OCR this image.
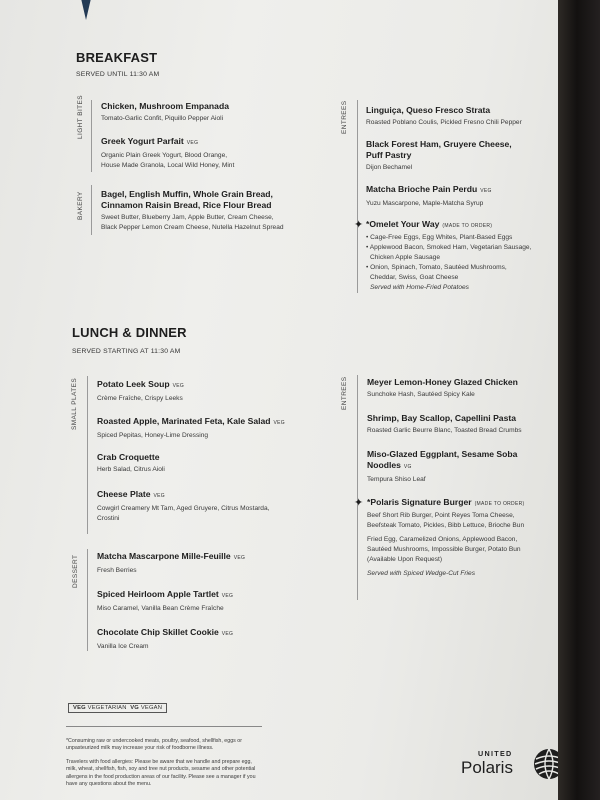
BREAKFAST
SERVED UNTIL 11:30 AM
LIGHT BITES Chicken, Mushroom Empanada
Tomato-Garlic Confit, Piquillo Pepper Aioli
Greek Yogurt Parfait VEG
Organic Plain Greek Yogurt, Blood Orange,
House Made Granola, Local Wild Honey, Mint
BAKERY Bagel, English Muffin, Whole Grain Bread,
Cinnamon Raisin Bread, Rice Flour Bread
Sweet Butter, Blueberry Jam, Apple Butter, Cream Cheese,
Black Pepper Lemon Cream Cheese, Nutella Hazelnut Spread
ENTREES Linguiça, Queso Fresco Strata
Roasted Poblano Coulis, Pickled Fresno Chili Pepper
Black Forest Ham, Gruyere Cheese,
Puff Pastry
Dijon Bechamel
Matcha Brioche Pain Perdu VEG
Yuzu Mascarpone, Maple-Matcha Syrup
✦ *Omelet Your Way (MADE TO ORDER)
• Cage-Free Eggs, Egg Whites, Plant-Based Eggs
• Applewood Bacon, Smoked Ham, Vegetarian Sausage,
Chicken Apple Sausage
• Onion, Spinach, Tomato, Sautéed Mushrooms,
Cheddar, Swiss, Goat Cheese
Served with Home-Fried Potatoes
LUNCH & DINNER
SERVED STARTING AT 11:30 AM
SMALL PLATES Potato Leek Soup VEG
Crème Fraîche, Crispy Leeks
Roasted Apple, Marinated Feta, Kale Salad VEG
Spiced Pepitas, Honey-Lime Dressing
Crab Croquette
Herb Salad, Citrus Aioli
Cheese Plate VEG
Cowgirl Creamery Mt Tam, Aged Gruyere, Citrus Mostarda,
Crostini
DESSERT Matcha Mascarpone Mille-Feuille VEG
Fresh Berries
Spiced Heirloom Apple Tartlet VEG
Miso Caramel, Vanilla Bean Crème Fraîche
Chocolate Chip Skillet Cookie VEG
Vanilla Ice Cream
ENTREES Meyer Lemon-Honey Glazed Chicken
Sunchoke Hash, Sautéed Spicy Kale
Shrimp, Bay Scallop, Capellini Pasta
Roasted Garlic Beurre Blanc, Toasted Bread Crumbs
Miso-Glazed Eggplant, Sesame Soba
Noodles VG
Tempura Shiso Leaf
✦ *Polaris Signature Burger (MADE TO ORDER)
Beef Short Rib Burger, Point Reyes Toma Cheese,
Beefsteak Tomato, Pickles, Bibb Lettuce, Brioche Bun
Fried Egg, Caramelized Onions, Applewood Bacon,
Sautéed Mushrooms, Impossible Burger, Potato Bun
(Available Upon Request)
Served with Spiced Wedge-Cut Fries
VEG VEGETARIAN VG VEGAN
*Consuming raw or undercooked meats, poultry, seafood, shellfish, eggs or unpasteurized milk may increase your risk of foodborne illness.
Travelers with food allergies: Please be aware that we handle and prepare egg, milk, wheat, shellfish, fish, soy and tree nut products, sesame and other potential allergens in the food production areas of our facility. Please see a manager if you have any questions about the menu.
UNITED
Polaris
